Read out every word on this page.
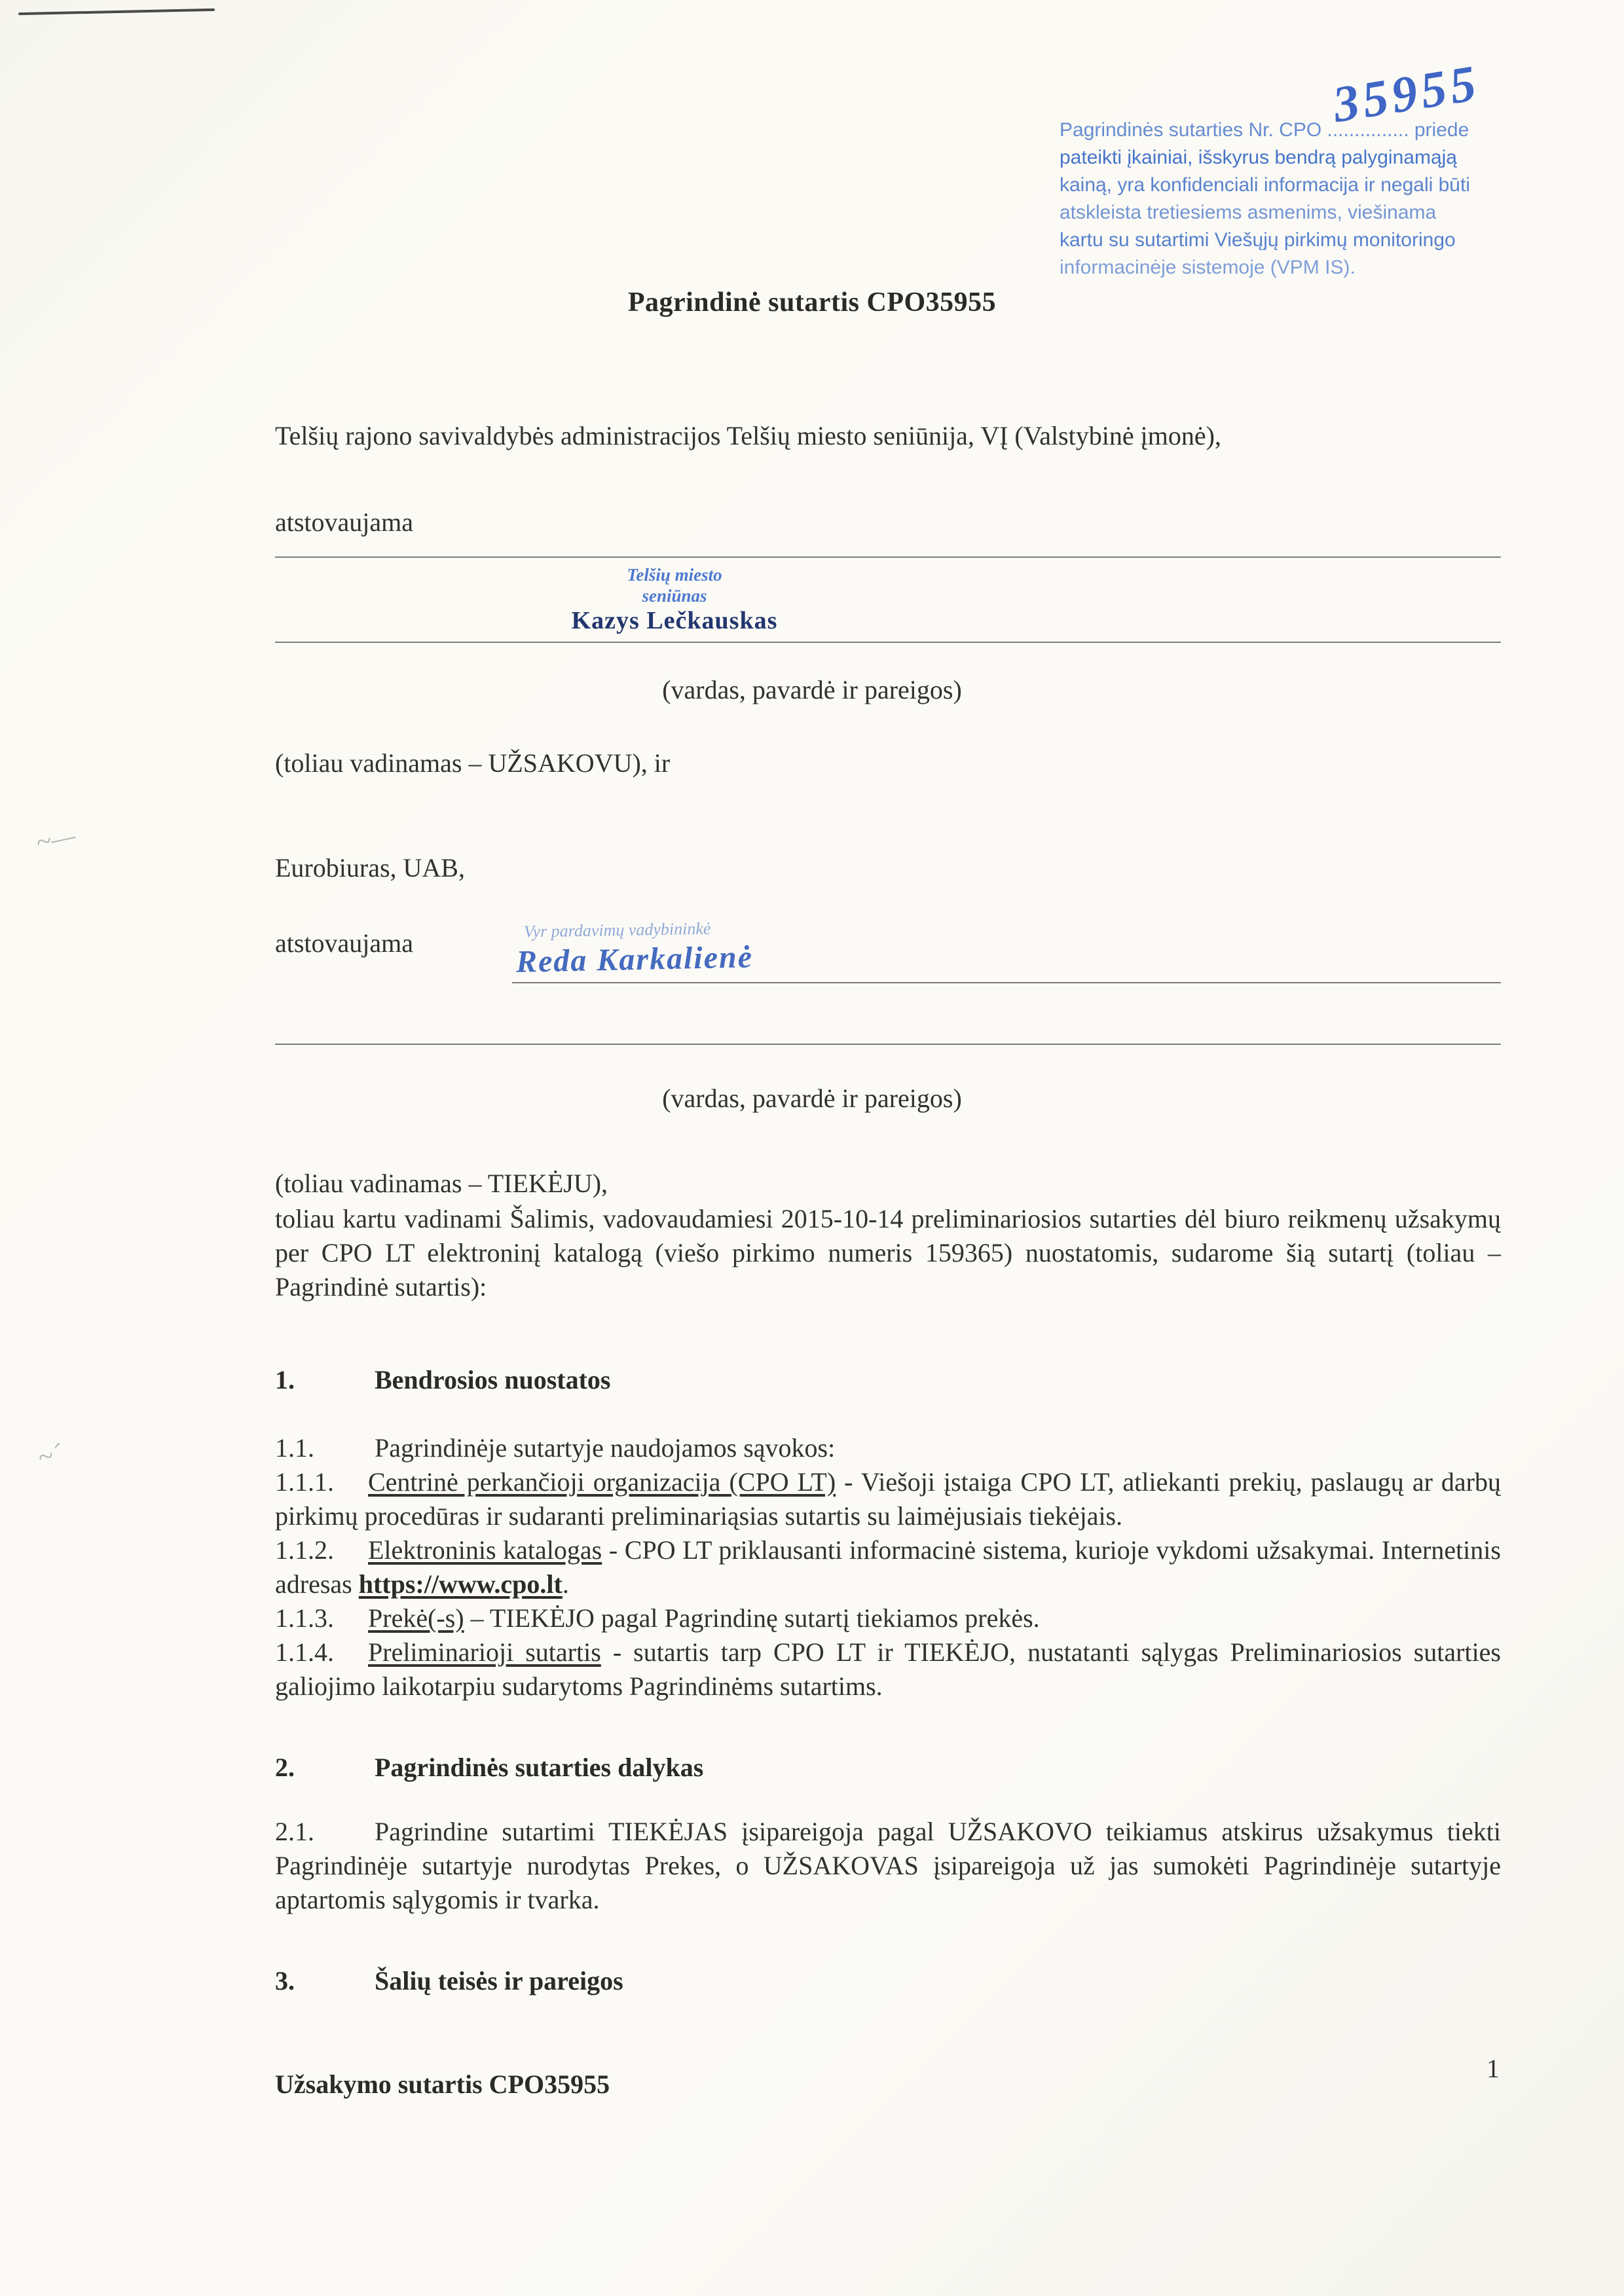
~—
~´
Pagrindinės sutarties Nr. CPO ............... priede
pateikti įkainiai, išskyrus bendrą palyginamąją
kainą, yra konfidenciali informacija ir negali būti
atskleista tretiesiems asmenims, viešinama
kartu su sutartimi Viešųjų pirkimų monitoringo
informacinėje sistemoje (VPM IS).
35955
Pagrindinė sutartis CPO35955
Telšių rajono savivaldybės administracijos Telšių miesto seniūnija, VĮ (Valstybinė įmonė),
atstovaujama
Telšių miesto
seniūnas
Kazys Lečkauskas
(vardas, pavardė ir pareigos)
(toliau vadinamas – UŽSAKOVU), ir
Eurobiuras, UAB,
atstovaujama	Vyr pardavimų vadybininkė
Reda Karkalienė
(vardas, pavardė ir pareigos)
(toliau vadinamas – TIEKĖJU),
toliau kartu vadinami Šalimis, vadovaudamiesi 2015-10-14 preliminariosios sutarties dėl biuro reikmenų užsakymų per CPO LT elektroninį katalogą (viešo pirkimo numeris 159365) nuostatomis, sudarome šią sutartį (toliau – Pagrindinė sutartis):
1.	Bendrosios nuostatos
1.1. Pagrindinėje sutartyje naudojamos sąvokos:
1.1.1. Centrinė perkančioji organizacija (CPO LT) - Viešoji įstaiga CPO LT, atliekanti prekių, paslaugų ar darbų pirkimų procedūras ir sudaranti preliminariąsias sutartis su laimėjusiais tiekėjais.
1.1.2. Elektroninis katalogas - CPO LT priklausanti informacinė sistema, kurioje vykdomi užsakymai. Internetinis adresas https://www.cpo.lt.
1.1.3. Prekė(-s) – TIEKĖJO pagal Pagrindinę sutartį tiekiamos prekės.
1.1.4. Preliminarioji sutartis - sutartis tarp CPO LT ir TIEKĖJO, nustatanti sąlygas Preliminariosios sutarties galiojimo laikotarpiu sudarytoms Pagrindinėms sutartims.
2.	Pagrindinės sutarties dalykas
2.1. Pagrindine sutartimi TIEKĖJAS įsipareigoja pagal UŽSAKOVO teikiamus atskirus užsakymus tiekti Pagrindinėje sutartyje nurodytas Prekes, o UŽSAKOVAS įsipareigoja už jas sumokėti Pagrindinėje sutartyje aptartomis sąlygomis ir tvarka.
3.	Šalių teisės ir pareigos
Užsakymo sutartis CPO35955
1
